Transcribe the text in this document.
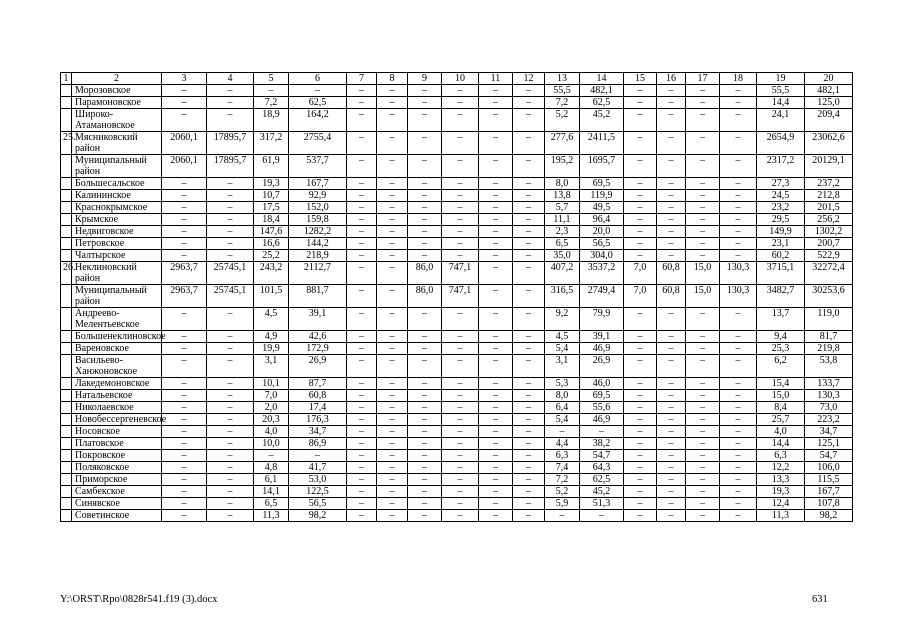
1	2	3	4	5	6	7	8	9	10	11	12	13	14	15	16	17	18	19	20
	Морозовское	–	–	–	–	–	–	–	–	–	–	55,5	482,1	–	–	–	–	55,5	482,1
	Парамоновское	–	–	7,2	62,5	–	–	–	–	–	–	7,2	62,5	–	–	–	–	14,4	125,0
	Широко-Атамановское	–	–	18,9	164,2	–	–	–	–	–	–	5,2	45,2	–	–	–	–	24,1	209,4
25.	Мясниковский район	2060,1	17895,7	317,2	2755,4	–	–	–	–	–	–	277,6	2411,5	–	–	–	–	2654,9	23062,6
	Муниципальный район	2060,1	17895,7	61,9	537,7	–	–	–	–	–	–	195,2	1695,7	–	–	–	–	2317,2	20129,1
	Большесальское	–	–	19,3	167,7	–	–	–	–	–	–	8,0	69,5	–	–	–	–	27,3	237,2
	Калининское	–	–	10,7	92,9	–	–	–	–	–	–	13,8	119,9	–	–	–	–	24,5	212,8
	Краснокрымское	–	–	17,5	152,0	–	–	–	–	–	–	5,7	49,5	–	–	–	–	23,2	201,5
	Крымское	–	–	18,4	159,8	–	–	–	–	–	–	11,1	96,4	–	–	–	–	29,5	256,2
	Недвиговское	–	–	147,6	1282,2	–	–	–	–	–	–	2,3	20,0	–	–	–	–	149,9	1302,2
	Петровское	–	–	16,6	144,2	–	–	–	–	–	–	6,5	56,5	–	–	–	–	23,1	200,7
	Чалтырское	–	–	25,2	218,9	–	–	–	–	–	–	35,0	304,0	–	–	–	–	60,2	522,9
26.	Неклиновский район	2963,7	25745,1	243,2	2112,7	–	–	86,0	747,1	–	–	407,2	3537,2	7,0	60,8	15,0	130,3	3715,1	32272,4
	Муниципальный район	2963,7	25745,1	101,5	881,7	–	–	86,0	747,1	–	–	316,5	2749,4	7,0	60,8	15,0	130,3	3482,7	30253,6
	Андреево-Мелентьевское	–	–	4,5	39,1	–	–	–	–	–	–	9,2	79,9	–	–	–	–	13,7	119,0
	Большенеклиновское	–	–	4,9	42,6	–	–	–	–	–	–	4,5	39,1	–	–	–	–	9,4	81,7
	Вареновское	–	–	19,9	172,9	–	–	–	–	–	–	5,4	46,9	–	–	–	–	25,3	219,8
	Васильево-Ханжоновское	–	–	3,1	26,9	–	–	–	–	–	–	3,1	26,9	–	–	–	–	6,2	53,8
	Лакедемоновское	–	–	10,1	87,7	–	–	–	–	–	–	5,3	46,0	–	–	–	–	15,4	133,7
	Натальевское	–	–	7,0	60,8	–	–	–	–	–	–	8,0	69,5	–	–	–	–	15,0	130,3
	Николаевское	–	–	2,0	17,4	–	–	–	–	–	–	6,4	55,6	–	–	–	–	8,4	73,0
	Новобессергеневское	–	–	20,3	176,3	–	–	–	–	–	–	5,4	46,9	–	–	–	–	25,7	223,2
	Носовское	–	–	4,0	34,7	–	–	–	–	–	–	–	–	–	–	–	–	4,0	34,7
	Платовское	–	–	10,0	86,9	–	–	–	–	–	–	4,4	38,2	–	–	–	–	14,4	125,1
	Покровское	–	–	–	–	–	–	–	–	–	–	6,3	54,7	–	–	–	–	6,3	54,7
	Поляковское	–	–	4,8	41,7	–	–	–	–	–	–	7,4	64,3	–	–	–	–	12,2	106,0
	Приморское	–	–	6,1	53,0	–	–	–	–	–	–	7,2	62,5	–	–	–	–	13,3	115,5
	Самбекское	–	–	14,1	122,5	–	–	–	–	–	–	5,2	45,2	–	–	–	–	19,3	167,7
	Синявское	–	–	6,5	56,5	–	–	–	–	–	–	5,9	51,3	–	–	–	–	12,4	107,8
	Советинское	–	–	11,3	98,2	–	–	–	–	–	–	–	–	–	–	–	–	11,3	98,2
Y:\ORST\Rpo\0828r541.f19 (3).docx	631
